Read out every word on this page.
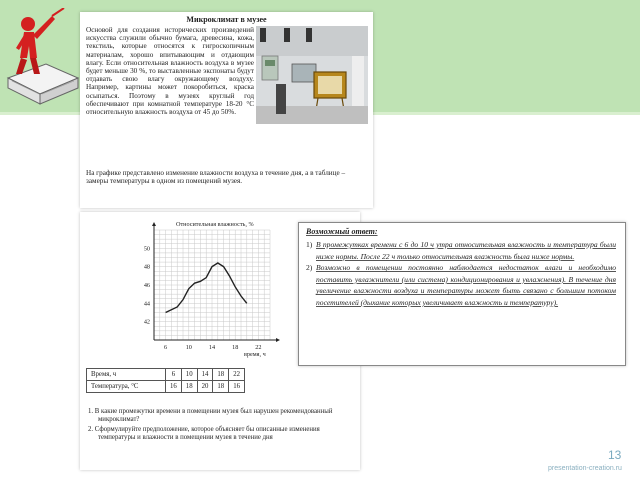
Микроклимат в музее
Основой для создания исторических произведений искусства служили обычно бумага, древесина, кожа, текстиль, которые относятся к гигроскопичным материалам, хорошо впитывающим и отдающим влагу. Если относительная влажность воздуха в музее будет меньше 30 %, то выставленные экспонаты будут отдавать свою влагу окружающему воздуху. Например, картины может покоробиться, краска осыпаться. Поэтому в музеях круглый год обеспечивают при комнатной температуре 18-20 °С относительную влажность воздуха от 45 до 50%.
На графике представлено изменение влажности воздуха в течение дня, а в таблице – замеры температуры в одном из помещений музея.
6	10	14	18	22
42
44
46
48
50
Относительная влажность, %
время, ч
Время, ч	6	10	14	18	22
Температура, °С	16	18	20	18	16

1. В какие промежутки времени в помещении музея был нарушен рекомендованный микроклимат?

2. Сформулируйте предположение, которое объясняет бы описанные изменения температуры и влажности в помещении музея в течение дня

Возможный ответ:
1) В промежутках времени с 6 до 10 ч утра относительная влажность и температура были ниже нормы. После 22 ч только относительная влажность была ниже нормы.
2) Возможно в помещении постоянно наблюдается недостаток влаги и необходимо поставить увлажнители (или система) кондиционирования и увлажнения). В течение дня увеличение влажности воздуха и температуры может быть связано с большим потоком посетителей (дыхание которых увеличивает влажность и температуру).
13
presentation-creation.ru
